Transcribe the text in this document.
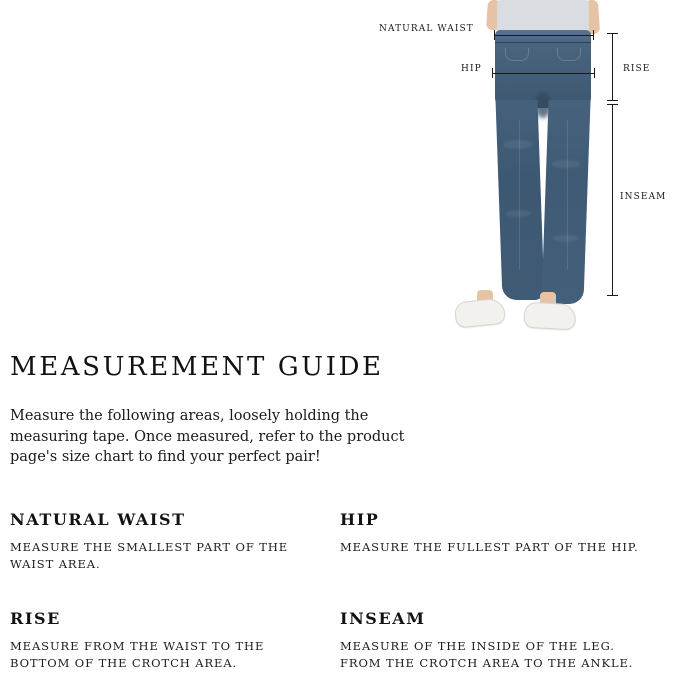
NATURAL WAIST
HIP	RISE
INSEAM
MEASUREMENT GUIDE

Measure the following areas, loosely holding the measuring tape. Once measured, refer to the product page's size chart to find your perfect pair!

NATURAL WAIST

MEASURE THE SMALLEST PART OF THE WAIST AREA.

HIP

MEASURE THE FULLEST PART OF THE HIP.

RISE

MEASURE FROM THE WAIST TO THE BOTTOM OF THE CROTCH AREA.

INSEAM

MEASURE OF THE INSIDE OF THE LEG. FROM THE CROTCH AREA TO THE ANKLE.
